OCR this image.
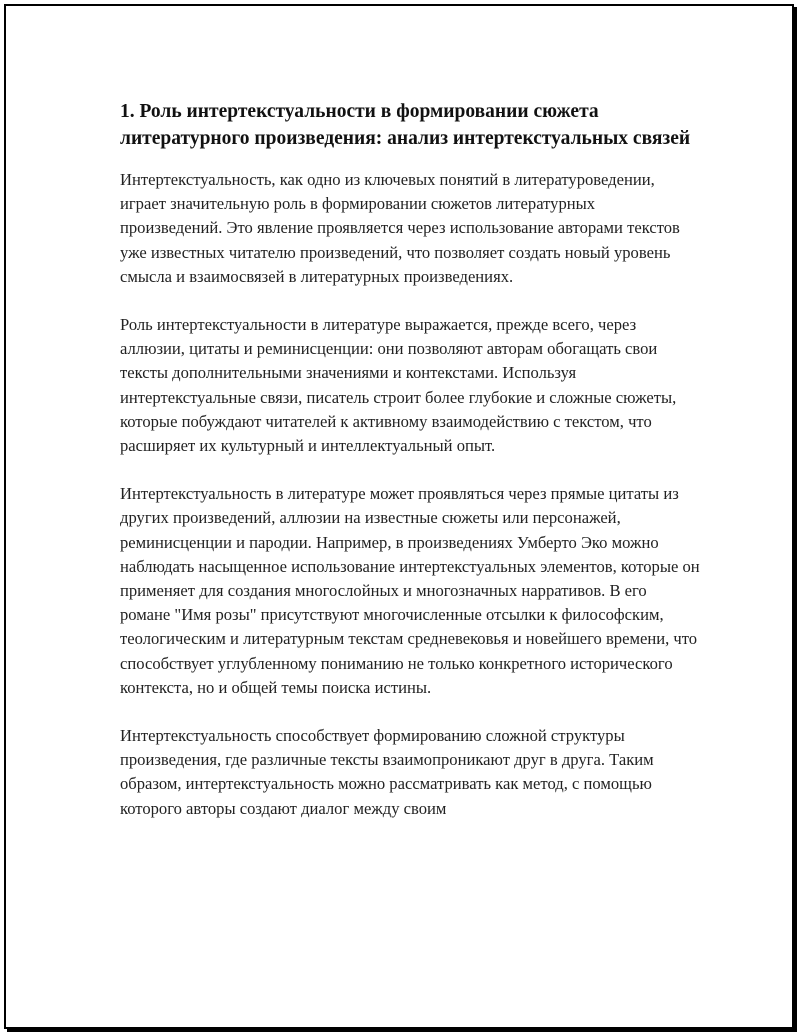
1. Роль интертекстуальности в формировании сюжета литературного произведения: анализ интертекстуальных связей

Интертекстуальность, как одно из ключевых понятий в литературоведении, играет значительную роль в формировании сюжетов литературных произведений. Это явление проявляется через использование авторами текстов уже известных читателю произведений, что позволяет создать новый уровень смысла и взаимосвязей в литературных произведениях.

Роль интертекстуальности в литературе выражается, прежде всего, через аллюзии, цитаты и реминисценции: они позволяют авторам обогащать свои тексты дополнительными значениями и контекстами. Используя интертекстуальные связи, писатель строит более глубокие и сложные сюжеты, которые побуждают читателей к активному взаимодействию с текстом, что расширяет их культурный и интеллектуальный опыт.

Интертекстуальность в литературе может проявляться через прямые цитаты из других произведений, аллюзии на известные сюжеты или персонажей, реминисценции и пародии. Например, в произведениях Умберто Эко можно наблюдать насыщенное использование интертекстуальных элементов, которые он применяет для создания многослойных и многозначных нарративов. В его романе "Имя розы" присутствуют многочисленные отсылки к философским, теологическим и литературным текстам средневековья и новейшего времени, что способствует углубленному пониманию не только конкретного исторического контекста, но и общей темы поиска истины.

Интертекстуальность способствует формированию сложной структуры произведения, где различные тексты взаимопроникают друг в друга. Таким образом, интертекстуальность можно рассматривать как метод, с помощью которого авторы создают диалог между своим
